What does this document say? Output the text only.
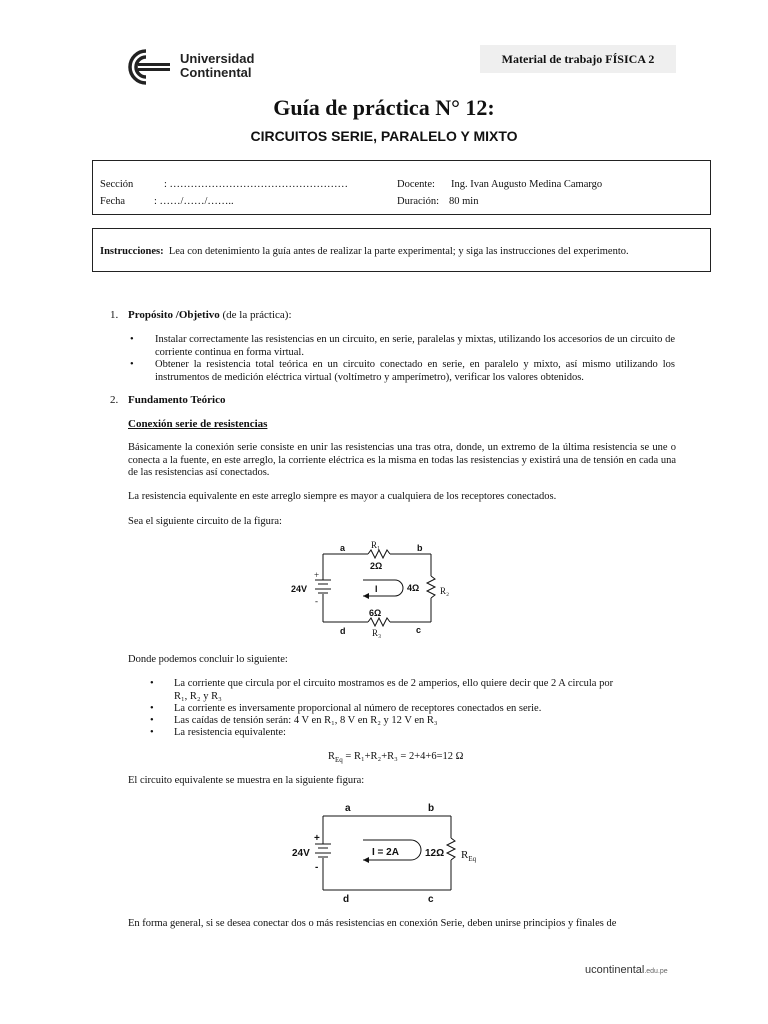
Universidad
Continental
Material de trabajo FÍSICA 2
Guía de práctica N° 12:
CIRCUITOS SERIE, PARALELO Y MIXTO
Sección	: ……………………………………………
Fecha	: ……/……/……..
Docente: Ing. Ivan Augusto Medina Camargo
Duración: 80 min
Instrucciones: Lea con detenimiento la guía antes de realizar la parte experimental; y siga las instrucciones del experimento.
1. Propósito /Objetivo (de la práctica):
• Instalar correctamente las resistencias en un circuito, en serie, paralelas y mixtas, utilizando los accesorios de un circuito de corriente continua en forma virtual.
• Obtener la resistencia total teórica en un circuito conectado en serie, en paralelo y mixto, así mismo utilizando los instrumentos de medición eléctrica virtual (voltímetro y amperímetro), verificar los valores obtenidos.
2. Fundamento Teórico
Conexión serie de resistencias
Básicamente la conexión serie consiste en unir las resistencias una tras otra, donde, un extremo de la última resistencia se une o conecta a la fuente, en este arreglo, la corriente eléctrica es la misma en todas las resistencias y existirá una de tensión en cada una de las resistencias así conectados.
La resistencia equivalente en este arreglo siempre es mayor a cualquiera de los receptores conectados.
Sea el siguiente circuito de la figura:
a	b
c
d
2Ω
4Ω
6Ω
24V	I
R₁
R₂
R₃
+
-
Donde podemos concluir lo siguiente:
• La corriente que circula por el circuito mostramos es de 2 amperios, ello quiere decir que 2 A circula por
R₁, R₂ y R₃
• La corriente es inversamente proporcional al número de receptores conectados en serie.
• Las caídas de tensión serán: 4 V en R₁, 8 V en R₂ y 12 V en R₃
• La resistencia equivalente:
$R_{Eq} = R_1+R_2+R_3 = 2+4+6=12$ Ω
El circuito equivalente se muestra en la siguiente figura:
a	b
c
d
24V	I = 2A	12Ω
+
-
$R_{Eq}$
En forma general, si se desea conectar dos o más resistencias en conexión Serie, deben unirse principios y finales de
ucontinental.edu.pe
